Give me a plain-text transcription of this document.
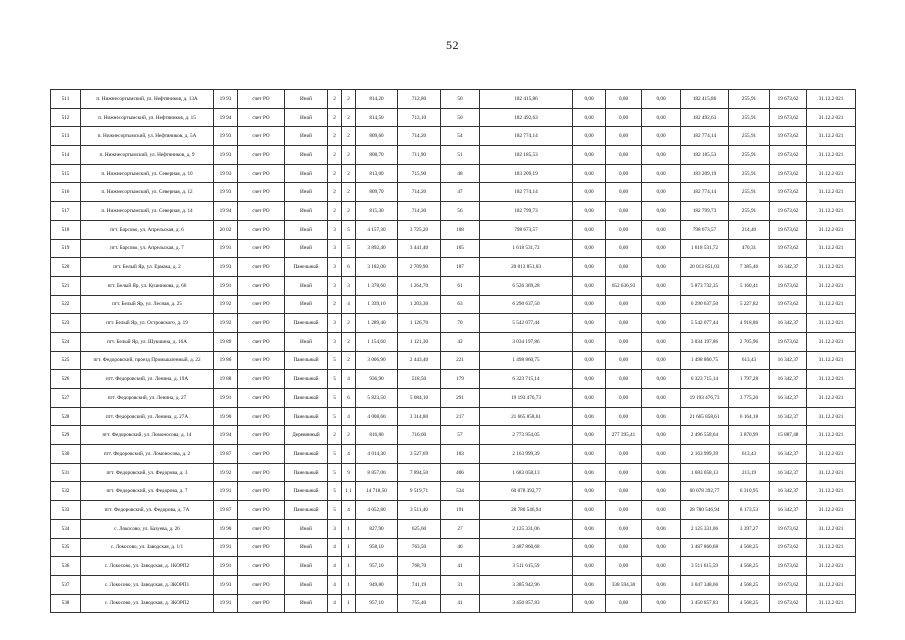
52
511	п. Нижнесортымский, ул. Нефтяников, д. 13А	19 93	счет РО	Иной	2	2	814,20	712,80	50	182 415,86	0,00	0,00	0,00	182 415,86	255,91	19 673,62	31.12.2 021
512	п. Нижнесортымский, ул. Нефтяников, д. 15	19 94	счет РО	Иной	2	2	814,50	713,10	50	182 492,63	0,00	0,00	0,00	182 492,63	255,91	19 673,62	31.12.2 021
513	п. Нижнесортымский, ул. Нефтяников, д. 5А	19 93	счет РО	Иной	2	2	809,60	714,20	54	182 774,14	0,00	0,00	0,00	182 774,14	255,91	19 673,62	31.12.2 021
514	п. Нижнесортымский, ул. Нефтяников, д. 9	19 93	счет РО	Иной	2	2	808,70	711,90	51	182 185,53	0,00	0,00	0,00	182 185,53	255,91	19 673,62	31.12.2 021
515	п. Нижнесортымский, ул. Северная, д. 10	19 93	счет РО	Иной	2	2	813,00	715,90	48	183 209,19	0,00	0,00	0,00	183 209,19	255,91	19 673,62	31.12.2 021
516	п. Нижнесортымский, ул. Северная, д. 12	19 93	счет РО	Иной	2	2	809,70	714,20	47	182 774,14	0,00	0,00	0,00	182 774,14	255,91	19 673,62	31.12.2 021
517	п. Нижнесортымский, ул. Северная, д. 14	19 94	счет РО	Иной	2	2	815,30	714,30	56	182 799,73	0,00	0,00	0,00	182 799,73	255,91	19 673,62	31.12.2 021
518	пгт. Барсово, ул. Апрельская, д. 6	20 02	счет РО	Иной	3	5	4 157,30	3 725,20	108	798 673,57	0,00	0,00	0,00	798 673,57	214,40	19 673,62	31.12.2 021
519	пгт. Барсово, ул. Апрельская, д. 7	19 91	счет РО	Иной	3	5	3 892,40	3 441,40	105	1 618 531,72	0,00	0,00	0,00	1 618 531,72	470,31	19 673,62	31.12.2 021
520	пгт. Белый Яр, ул. Ермака, д. 2	19 93	счет РО	Панельный	3	6	3 182,00	2 709,90	187	20 013 851,03	0,00	0,00	0,00	20 013 851,03	7 385,46	16 342,37	31.12.2 021
521	пгт. Белый Яр, ул. Кушникова, д. 66	19 91	счет РО	Иной	3	3	1 378,60	1 264,70	61	6 526 369,28	0,00	652 636,93	0,00	5 873 732,35	5 160,41	19 673,62	31.12.2 021
522	пгт. Белый Яр, ул. Лесная, д. 25	19 92	счет РО	Иной	2	4	1 339,10	1 203,30	63	6 290 637,50	0,00	0,00	0,00	6 290 637,50	5 227,82	19 673,62	31.12.2 021
523	пгт. Белый Яр, ул. Островского, д. 19	19 92	счет РО	Панельный	3	2	1 289,40	1 126,70	70	5 542 077,44	0,00	0,00	0,00	5 542 077,44	4 918,86	16 342,37	31.12.2 021
524	пгт. Белый Яр, ул. Шукшина, д. 16А	19 89	счет РО	Иной	3	2	1 154,60	1 121,30	42	3 034 197,86	0,00	0,00	0,00	3 034 197,86	2 705,96	19 673,62	31.12.2 021
525	пгт. Федоровский, проезд Промышленный, д. 22	19 86	счет РО	Панельный	5	2	3 006,90	2 443,40	221	1 498 860,75	0,00	0,00	0,00	1 498 860,75	613,43	16 342,37	31.12.2 021
526	пгт. Федоровский, ул. Ленина, д. 19А	19 88	счет РО	Панельный	5	4	936,90	518,50	179	6 323 715,14	0,00	0,00	0,00	6 323 715,14	1 797,28	16 342,37	31.12.2 021
527	пгт. Федоровский, ул. Ленина, д. 27	19 91	счет РО	Панельный	5	6	5 823,50	5 084,10	291	19 193 476,73	0,00	0,00	0,00	19 193 476,73	3 775,20	16 342,37	31.12.2 021
528	пгт. Федоровский, ул. Ленина, д. 27А	19 90	счет РО	Панельный	5	4	4 008,60	3 314,80	217	21 665 858,61	0,00	0,00	0,00	21 665 858,61	6 164,18	16 342,37	31.12.2 021
529	пгт. Федоровский, ул. Ломоносова, д. 14	19 94	счет РО	Деревянный	2	2	816,80	716,60	57	2 773 954,05	0,00	277 395,41	0,00	2 496 558,64	3 870,99	15 887,48	31.12.2 021
530	пгт. Федоровский, ул. Ломоносова, д. 2	19 87	счет РО	Панельный	5	4	4 014,30	3 527,69	183	2 163 999,39	0,00	0,00	0,00	2 163 999,39	613,43	16 342,37	31.12.2 021
531	пгт. Федоровский, ул. Федорова, д. 3	19 92	счет РО	Панельный	5	9	8 857,00	7 894,50	406	1 683 058,13	0,00	0,00	0,00	1 683 058,13	213,19	16 342,37	31.12.2 021
532	пгт. Федоровский, ул. Федорова, д. 7	19 91	счет РО	Панельный	5	1 1	14 718,50	9 519,71	534	60 078 392,77	0,00	0,00	0,00	60 078 392,77	6 310,95	16 342,37	31.12.2 021
533	пгт. Федоровский, ул. Федорова, д. 7А	19 87	счет РО	Панельный	5	4	4 052,80	3 511,40	191	28 780 546,94	0,00	0,00	0,00	28 780 546,94	8 173,53	16 342,37	31.12.2 021
534	с. Локосово, ул. Базуева, д. 26	19 90	счет РО	Иной	3	1	827,90	625,60	27	2 125 331,06	0,00	0,00	0,00	2 125 331,06	3 397,27	19 673,62	31.12.2 021
535	с. Локосово, ул. Заводская, д. 1/1	19 91	счет РО	Иной	4	1	958,10	763,50	46	3 487 860,68	0,00	0,00	0,00	3 487 860,68	4 568,25	19 673,62	31.12.2 021
536	с. Локосово, ул. Заводская, д. 1КОРП2	19 91	счет РО	Иной	4	1	957,10	768,70	41	3 511 615,59	0,00	0,00	0,00	3 511 615,59	4 568,25	19 673,62	31.12.2 021
537	с. Локосово, ул. Заводская, д. 3КОРП1	19 93	счет РО	Иной	4	1	949,80	741,19	31	3 385 942,96	0,00	338 594,30	0,00	3 047 348,66	4 568,25	19 673,62	31.12.2 021
538	с. Локосово, ул. Заводская, д. 3КОРП2	19 91	счет РО	Иной	4	1	957,10	755,40	41	3 450 857,83	0,00	0,00	0,00	3 450 857,83	4 568,25	19 673,62	31.12.2 021
